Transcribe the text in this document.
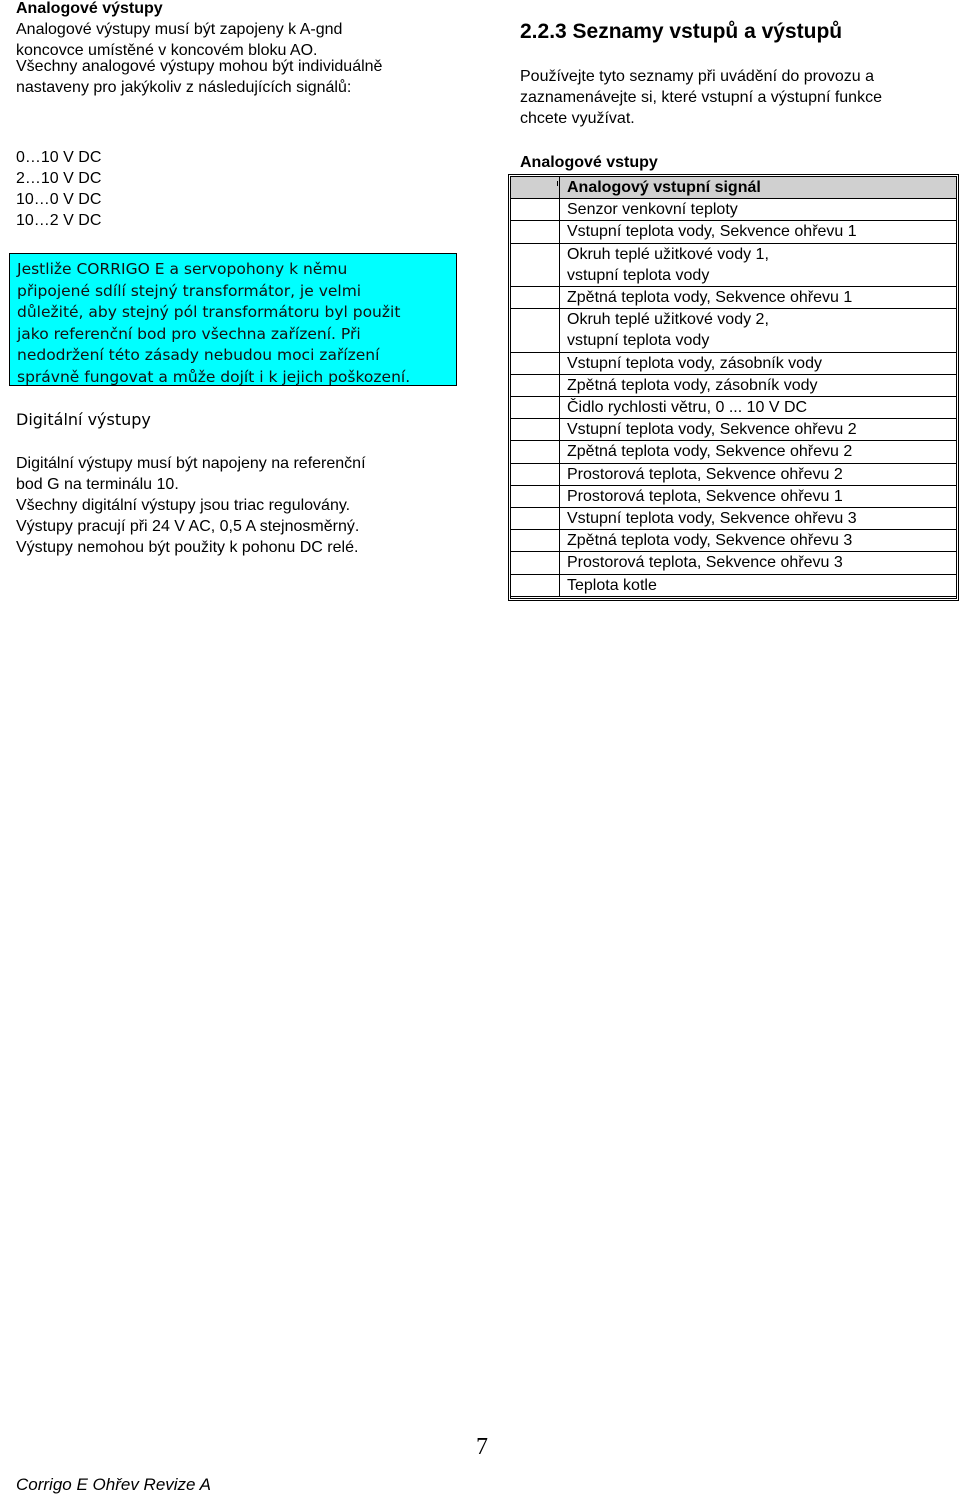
Analogové výstupy
Analogové výstupy musí být zapojeny k A-gnd
koncovce umístěné v koncovém bloku AO.
Všechny analogové výstupy mohou být individuálně
nastaveny pro jakýkoliv z následujících signálů:
0…10 V DC
2…10 V DC
10…0 V DC
10…2 V DC
Jestliže CORRIGO E a servopohony k němu
připojené sdílí stejný transformátor, je velmi
důležité, aby stejný pól transformátoru byl použit
jako referenční bod pro všechna zařízení. Při
nedodržení této zásady nebudou moci zařízení
správně fungovat a může dojít i k jejich poškození.
Digitální výstupy
Digitální výstupy musí být napojeny na referenční
bod G na terminálu 10.
Všechny digitální výstupy jsou triac regulovány.
Výstupy pracují při 24 V AC, 0,5 A stejnosměrný.
Výstupy nemohou být použity k pohonu DC relé.
2.2.3 Seznamy vstupů a výstupů
Používejte tyto seznamy při uvádění do provozu a
zaznamenávejte si, které vstupní a výstupní funkce
chcete využívat.
Analogové vstupy
	Analogový vstupní signál

	Senzor venkovní teploty

	Vstupní teplota vody, Sekvence ohřevu 1

	Okruh teplé užitkové vody 1,
vstupní teplota vody

	Zpětná teplota vody, Sekvence ohřevu 1

	Okruh teplé užitkové vody 2,
vstupní teplota vody

	Vstupní teplota vody, zásobník vody

	Zpětná teplota vody, zásobník vody

	Čidlo rychlosti větru, 0 ... 10 V DC

	Vstupní teplota vody, Sekvence ohřevu 2

	Zpětná teplota vody, Sekvence ohřevu 2

	Prostorová teplota, Sekvence ohřevu 2

	Prostorová teplota, Sekvence ohřevu 1

	Vstupní teplota vody, Sekvence ohřevu 3

	Zpětná teplota vody, Sekvence ohřevu 3

	Prostorová teplota, Sekvence ohřevu 3

	Teplota kotle
7
Corrigo E Ohřev Revize A
